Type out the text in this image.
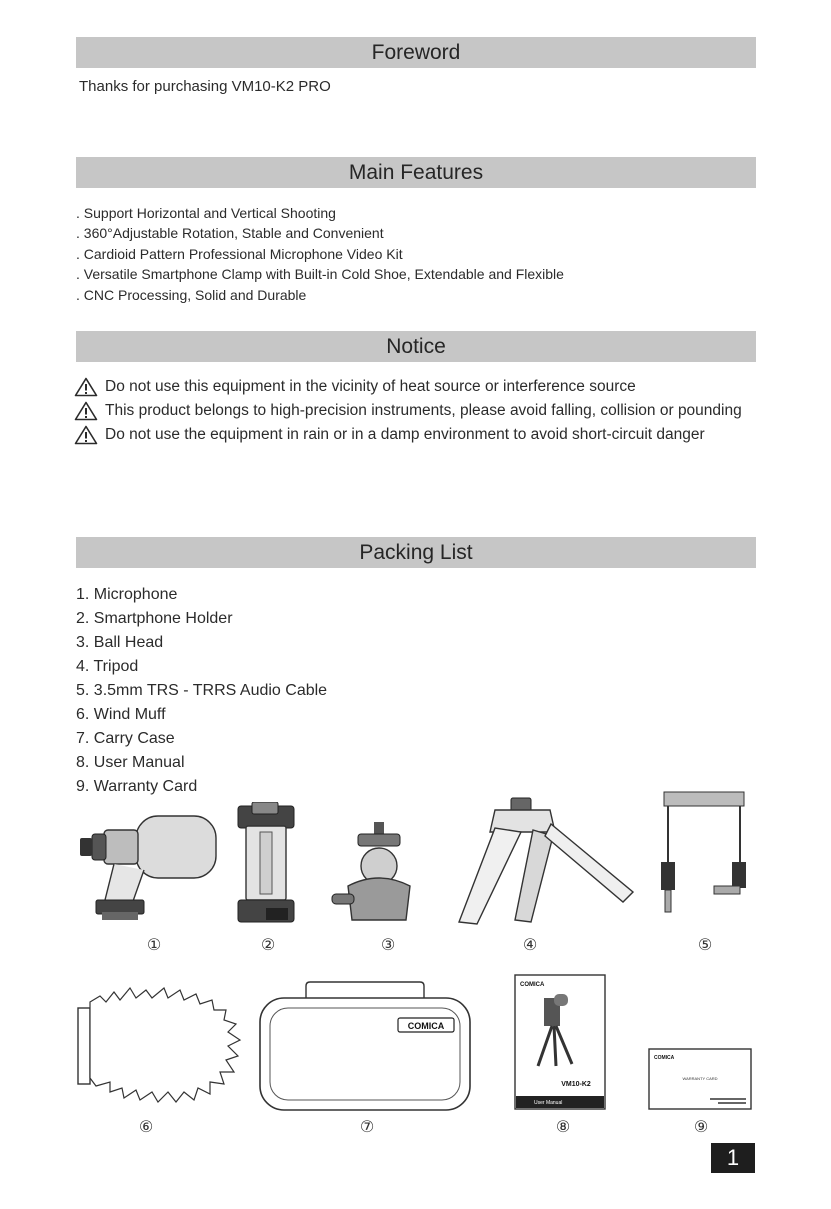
Foreword

Thanks for purchasing VM10-K2 PRO

Main Features
. Support Horizontal and Vertical Shooting
. 360°Adjustable Rotation, Stable and Convenient
. Cardioid Pattern Professional Microphone Video Kit
. Versatile Smartphone Clamp with Built-in Cold Shoe, Extendable and Flexible
. CNC Processing, Solid and Durable
Notice
Do not use this equipment in the vicinity of heat source or interference source
This product belongs to high-precision instruments, please avoid falling, collision or pounding
Do not use the equipment in rain or in a damp environment to avoid short-circuit danger
Packing List
1. Microphone
2. Smartphone Holder
3. Ball Head
4. Tripod
5. 3.5mm TRS - TRRS Audio Cable
6. Wind Muff
7. Carry Case
8. User Manual
9. Warranty Card
①	②	③	④	⑤
COMICA
COMICA
VM10-K2
User Manual
COMICA
WARRANTY CARD
⑥	⑦	⑧	⑨
1
